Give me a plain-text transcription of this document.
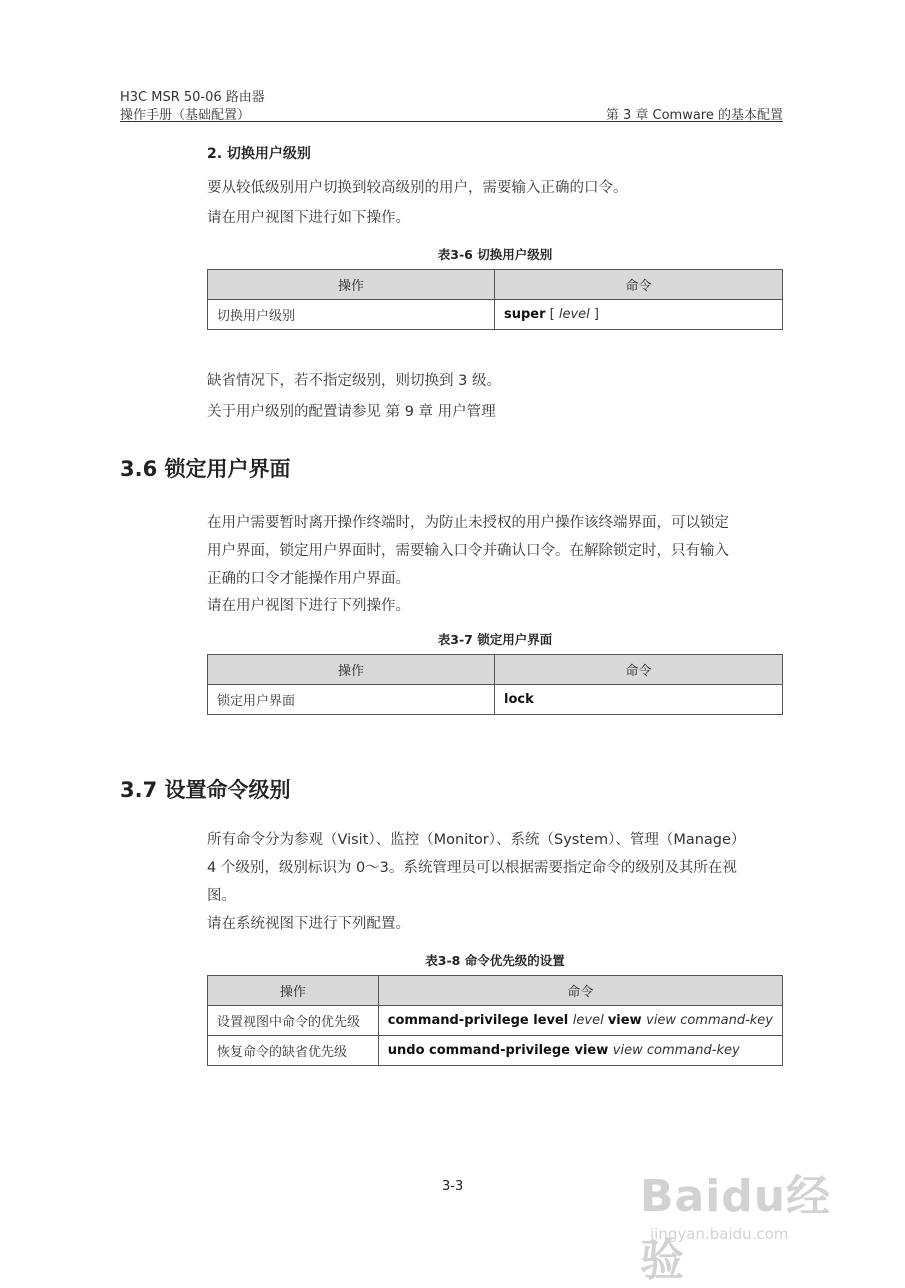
H3C MSR 50-06 路由器
操作手册（基础配置）	第 3 章 Comware 的基本配置
2. 切换用户级别
要从较低级别用户切换到较高级别的用户，需要输入正确的口令。
请在用户视图下进行如下操作。
表3-6 切换用户级别
操作	命令
切换用户级别	super [ level ]
缺省情况下，若不指定级别，则切换到 3 级。
关于用户级别的配置请参见 第 9 章 用户管理
3.6 锁定用户界面
在用户需要暂时离开操作终端时，为防止未授权的用户操作该终端界面，可以锁定
用户界面，锁定用户界面时，需要输入口令并确认口令。在解除锁定时，只有输入
正确的口令才能操作用户界面。
请在用户视图下进行下列操作。
表3-7 锁定用户界面
操作	命令
锁定用户界面	lock
3.7 设置命令级别
所有命令分为参观（Visit）、监控（Monitor）、系统（System）、管理（Manage）
4 个级别，级别标识为 0～3。系统管理员可以根据需要指定命令的级别及其所在视
图。
请在系统视图下进行下列配置。
表3-8 命令优先级的设置
操作	命令
设置视图中命令的优先级	command-privilege level level view view command-key
恢复命令的缺省优先级	undo command-privilege view view command-key
3-3	Baidu经验
jingyan.baidu.com
